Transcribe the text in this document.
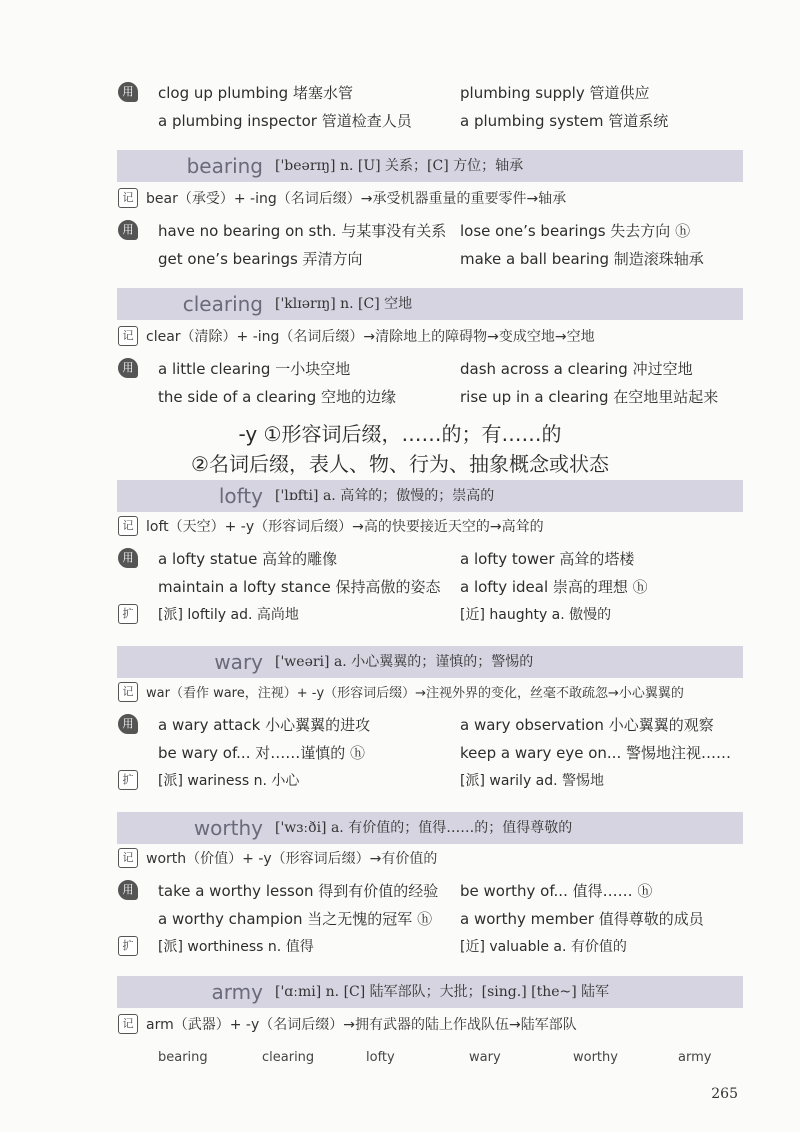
用	clog up plumbing 堵塞水管	plumbing supply 管道供应
a plumbing inspector 管道检查人员	a plumbing system 管道系统
bearing ['beərɪŋ] n. [U] 关系；[C] 方位；轴承
记 bear（承受）+ -ing（名词后缀）→承受机器重量的重要零件→轴承
用	have no bearing on sth. 与某事没有关系 lose one’s bearings 失去方向 ⓗ
get one’s bearings 弄清方向	make a ball bearing 制造滚珠轴承
clearing ['klɪərɪŋ] n. [C] 空地
记 clear（清除）+ -ing（名词后缀）→清除地上的障碍物→变成空地→空地
用	a little clearing 一小块空地	dash across a clearing 冲过空地
the side of a clearing 空地的边缘	rise up in a clearing 在空地里站起来
-y ①形容词后缀，……的；有……的
②名词后缀，表人、物、行为、抽象概念或状态
lofty ['lɒfti] a. 高耸的；傲慢的；崇高的
记 loft（天空）+ -y（形容词后缀）→高的快要接近天空的→高耸的
用	a lofty statue 高耸的雕像	a lofty tower 高耸的塔楼
maintain a lofty stance 保持高傲的姿态 a lofty ideal 崇高的理想 ⓗ
扩	[派] loftily ad. 高尚地	[近] haughty a. 傲慢的
wary ['weəri] a. 小心翼翼的；谨慎的；警惕的
记 war（看作 ware，注视）+ -y（形容词后缀）→注视外界的变化，丝毫不敢疏忽→小心翼翼的
用	a wary attack 小心翼翼的进攻	a wary observation 小心翼翼的观察
be wary of... 对……谨慎的 ⓗ	keep a wary eye on... 警惕地注视……
扩	[派] wariness n. 小心	[派] warily ad. 警惕地
worthy ['wɜːði] a. 有价值的；值得……的；值得尊敬的
记 worth（价值）+ -y（形容词后缀）→有价值的
用	take a worthy lesson 得到有价值的经验 be worthy of... 值得…… ⓗ
a worthy champion 当之无愧的冠军 ⓗ a worthy member 值得尊敬的成员
扩	[派] worthiness n. 值得	[近] valuable a. 有价值的
army ['ɑːmi] n. [C] 陆军部队；大批；[sing.] [the~] 陆军
记 arm（武器）+ -y（名词后缀）→拥有武器的陆上作战队伍→陆军部队
bearing	clearing	lofty	wary	worthy	army
265
